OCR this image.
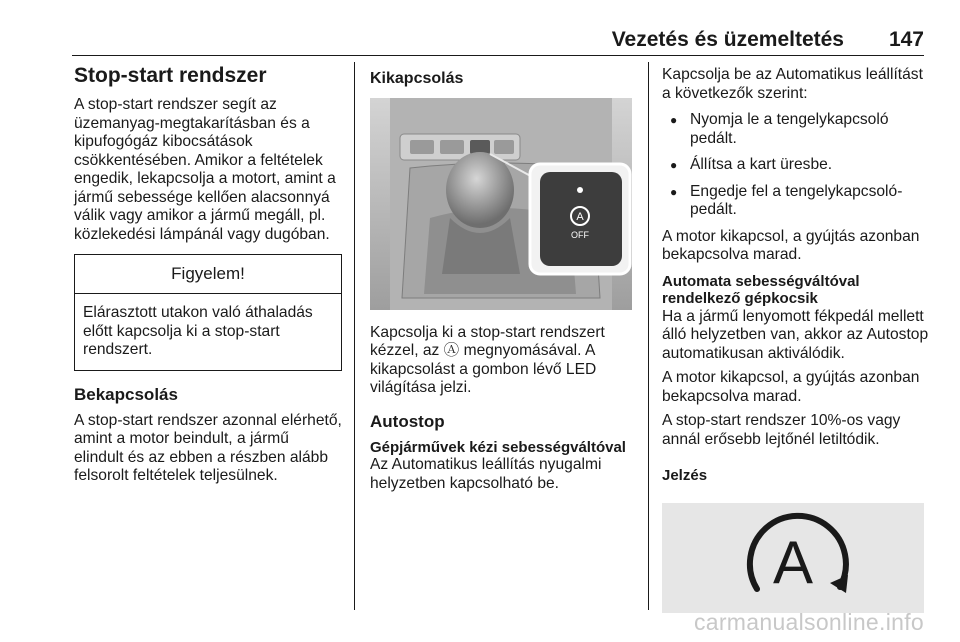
Vezetés és üzemeltetés 147
Stop-start rendszer
A stop-start rendszer segít az üzemanyag-megtakarításban és a kipufogógáz kibocsátások csökkentésében. Amikor a feltételek engedik, lekapcsolja a motort, amint a jármű sebessége kellően alacsonnyá válik vagy amikor a jármű megáll, pl. közlekedési lámpánál vagy dugóban.
Figyelem!
Elárasztott utakon való áthaladás előtt kapcsolja ki a stop-start rendszert.
Bekapcsolás
A stop-start rendszer azonnal elérhető, amint a motor beindult, a jármű elindult és az ebben a részben alább felsorolt feltételek teljesülnek.
Kikapcsolás
A
OFF
Kapcsolja ki a stop-start rendszert kézzel, az Ⓐ megnyomásával. A kikapcsolást a gombon lévő LED világítása jelzi.
Autostop
Gépjárművek kézi sebességváltóval
Az Automatikus leállítás nyugalmi helyzetben kapcsolható be.
Kapcsolja be az Automatikus leállítást a következők szerint:
● Nyomja le a tengelykapcsoló pedált.
● Állítsa a kart üresbe.
● Engedje fel a tengelykapcsoló-pedált.
A motor kikapcsol, a gyújtás azonban bekapcsolva marad.
Automata sebességváltóval rendelkező gépkocsik
Ha a jármű lenyomott fékpedál mellett álló helyzetben van, akkor az Autostop automatikusan aktiválódik.
A motor kikapcsol, a gyújtás azonban bekapcsolva marad.
A stop-start rendszer 10%-os vagy annál erősebb lejtőnél letiltódik.
Jelzés
A
carmanualsonline.info
